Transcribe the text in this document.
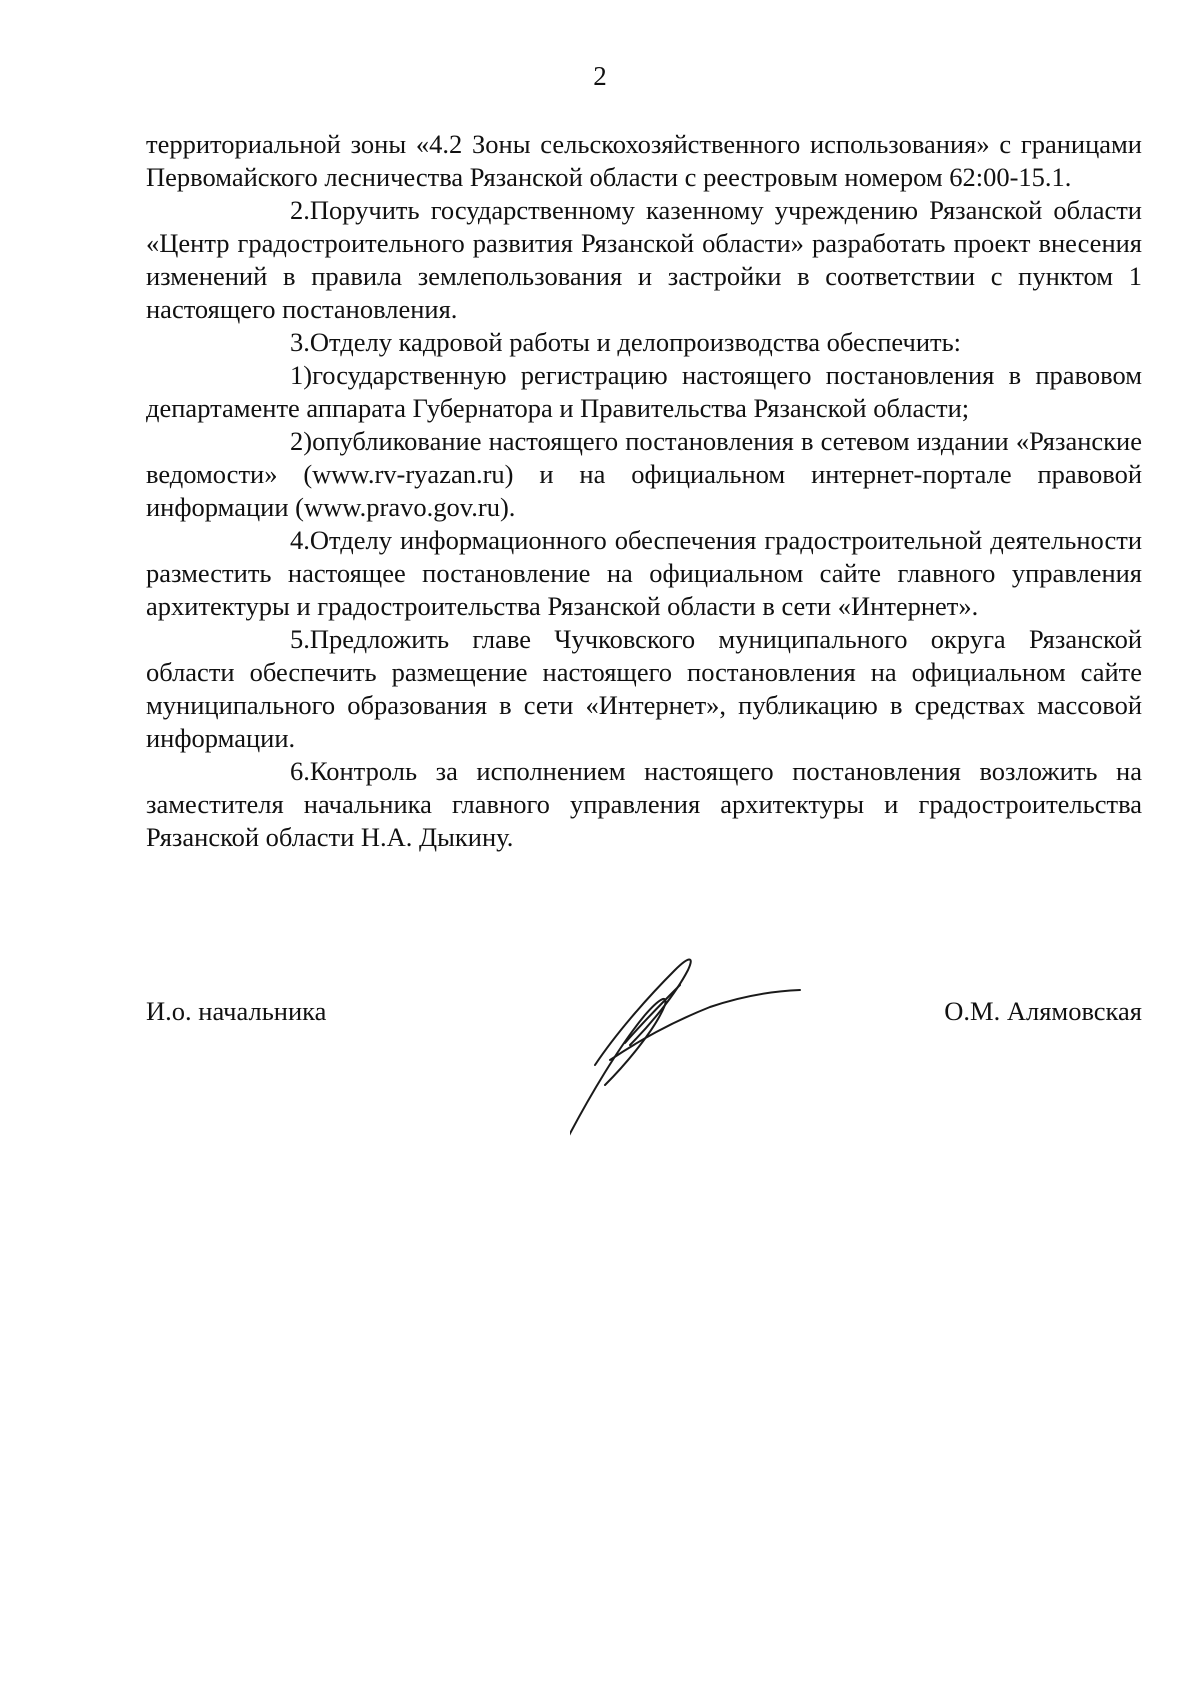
2

территориальной зоны «4.2 Зоны сельскохозяйственного использования» с границами Первомайского лесничества Рязанской области с реестровым номером 62:00-15.1.

2.Поручить государственному казенному учреждению Рязанской области «Центр градостроительного развития Рязанской области» разработать проект внесения изменений в правила землепользования и застройки в соответствии с пунктом 1 настоящего постановления.

3.Отделу кадровой работы и делопроизводства обеспечить:

1)государственную регистрацию настоящего постановления в правовом департаменте аппарата Губернатора и Правительства Рязанской области;

2)опубликование настоящего постановления в сетевом издании «Рязанские ведомости» (www.rv-ryazan.ru) и на официальном интернет-портале правовой информации (www.pravo.gov.ru).

4.Отделу информационного обеспечения градостроительной деятельности разместить настоящее постановление на официальном сайте главного управления архитектуры и градостроительства Рязанской области в сети «Интернет».

5.Предложить главе Чучковского муниципального округа Рязанской области обеспечить размещение настоящего постановления на официальном сайте муниципального образования в сети «Интернет», публикацию в средствах массовой информации.

6.Контроль за исполнением настоящего постановления возложить на заместителя начальника главного управления архитектуры и градостроительства Рязанской области Н.А. Дыкину.

И.о. начальника	О.М. Алямовская
